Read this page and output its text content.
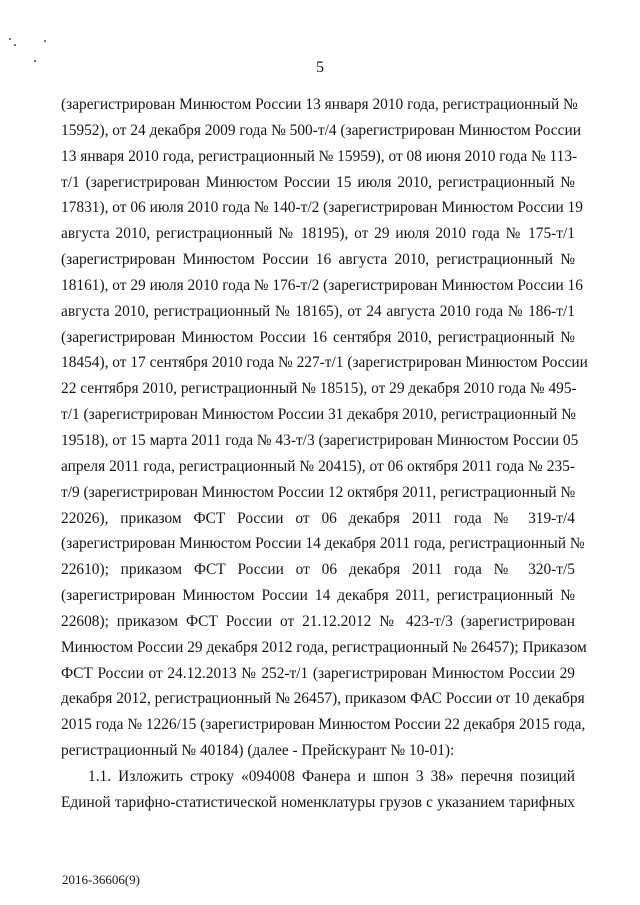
5
(зарегистрирован Минюстом России 13 января 2010 года, регистрационный №
15952), от 24 декабря 2009 года № 500-т/4 (зарегистрирован Минюстом России
13 января 2010 года, регистрационный № 15959), от 08 июня 2010 года № 113-
т/1 (зарегистрирован Минюстом России 15 июля 2010, регистрационный №
17831), от 06 июля 2010 года № 140-т/2 (зарегистрирован Минюстом России 19
августа 2010, регистрационный № 18195), от 29 июля 2010 года № 175-т/1
(зарегистрирован Минюстом России 16 августа 2010, регистрационный №
18161), от 29 июля 2010 года № 176-т/2 (зарегистрирован Минюстом России 16
августа 2010, регистрационный № 18165), от 24 августа 2010 года № 186-т/1
(зарегистрирован Минюстом России 16 сентября 2010, регистрационный №
18454), от 17 сентября 2010 года № 227-т/1 (зарегистрирован Минюстом России
22 сентября 2010, регистрационный № 18515), от 29 декабря 2010 года № 495-
т/1 (зарегистрирован Минюстом России 31 декабря 2010, регистрационный №
19518), от 15 марта 2011 года № 43-т/3 (зарегистрирован Минюстом России 05
апреля 2011 года, регистрационный № 20415), от 06 октября 2011 года № 235-
т/9 (зарегистрирован Минюстом России 12 октября 2011, регистрационный №
22026), приказом ФСТ России от 06 декабря 2011 года № 319-т/4
(зарегистрирован Минюстом России 14 декабря 2011 года, регистрационный №
22610); приказом ФСТ России от 06 декабря 2011 года № 320-т/5
(зарегистрирован Минюстом России 14 декабря 2011, регистрационный №
22608); приказом ФСТ России от 21.12.2012 № 423-т/3 (зарегистрирован
Минюстом России 29 декабря 2012 года, регистрационный № 26457); Приказом
ФСТ России от 24.12.2013 № 252-т/1 (зарегистрирован Минюстом России 29
декабря 2012, регистрационный № 26457), приказом ФАС России от 10 декабря
2015 года № 1226/15 (зарегистрирован Минюстом России 22 декабря 2015 года,
регистрационный № 40184) (далее - Прейскурант № 10-01):
1.1. Изложить строку «094008 Фанера и шпон 3 38» перечня позиций
Единой тарифно-статистической номенклатуры грузов с указанием тарифных
2016-36606(9)
